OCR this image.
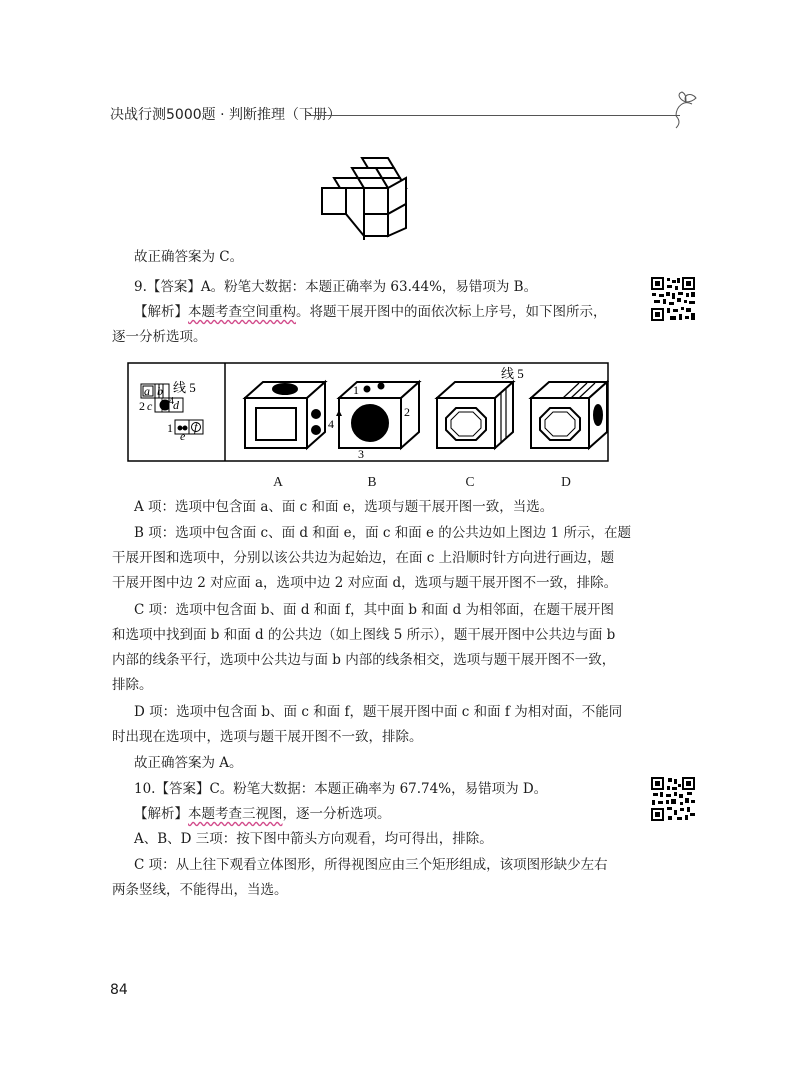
决战行测5000题 · 判断推理（下册）
故正确答案为 C。
9.【答案】A。粉笔大数据：本题正确率为 63.44%，易错项为 B。
【解析】本题考查空间重构。将题干展开图中的面依次标上序号，如下图所示，
逐一分析选项。
a b 线 5
c
2 d
4
e
1 f
1
2
3
4
线 5
A	B	C	D
A 项：选项中包含面 a、面 c 和面 e，选项与题干展开图一致，当选。
B 项：选项中包含面 c、面 d 和面 e，面 c 和面 e 的公共边如上图边 1 所示，在题
干展开图和选项中，分别以该公共边为起始边，在面 c 上沿顺时针方向进行画边，题
干展开图中边 2 对应面 a，选项中边 2 对应面 d，选项与题干展开图不一致，排除。
C 项：选项中包含面 b、面 d 和面 f，其中面 b 和面 d 为相邻面，在题干展开图
和选项中找到面 b 和面 d 的公共边（如上图线 5 所示），题干展开图中公共边与面 b
内部的线条平行，选项中公共边与面 b 内部的线条相交，选项与题干展开图不一致，
排除。
D 项：选项中包含面 b、面 c 和面 f，题干展开图中面 c 和面 f 为相对面，不能同
时出现在选项中，选项与题干展开图不一致，排除。
故正确答案为 A。
10.【答案】C。粉笔大数据：本题正确率为 67.74%，易错项为 D。
【解析】本题考查三视图，逐一分析选项。
A、B、D 三项：按下图中箭头方向观看，均可得出，排除。
C 项：从上往下观看立体图形，所得视图应由三个矩形组成，该项图形缺少左右
两条竖线，不能得出，当选。
84
